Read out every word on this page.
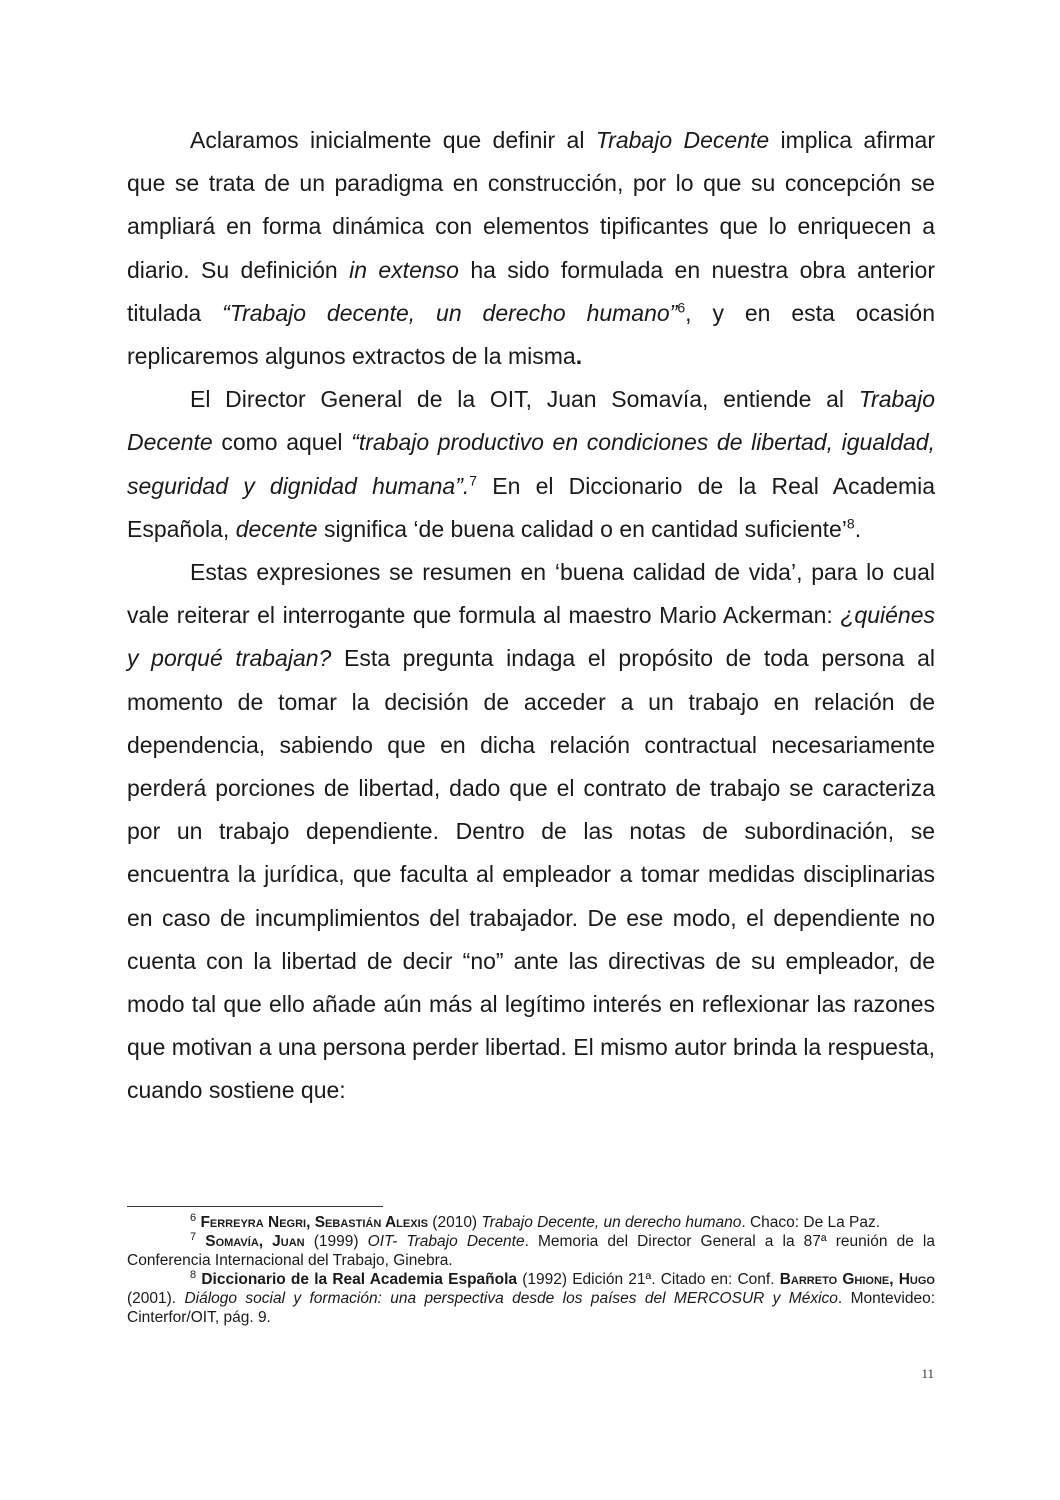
Aclaramos inicialmente que definir al Trabajo Decente implica afirmar que se trata de un paradigma en construcción, por lo que su concepción se ampliará en forma dinámica con elementos tipificantes que lo enriquecen a diario. Su definición in extenso ha sido formulada en nuestra obra anterior titulada “Trabajo decente, un derecho humano”$^6$, y en esta ocasión replicaremos algunos extractos de la misma.

El Director General de la OIT, Juan Somavía, entiende al Trabajo Decente como aquel “trabajo productivo en condiciones de libertad, igualdad, seguridad y dignidad humana”.$^7$ En el Diccionario de la Real Academia Española, decente significa ‘de buena calidad o en cantidad suficiente’$^8$.

Estas expresiones se resumen en ‘buena calidad de vida’, para lo cual vale reiterar el interrogante que formula al maestro Mario Ackerman: ¿quiénes y porqué trabajan? Esta pregunta indaga el propósito de toda persona al momento de tomar la decisión de acceder a un trabajo en relación de dependencia, sabiendo que en dicha relación contractual necesariamente perderá porciones de libertad, dado que el contrato de trabajo se caracteriza por un trabajo dependiente. Dentro de las notas de subordinación, se encuentra la jurídica, que faculta al empleador a tomar medidas disciplinarias en caso de incumplimientos del trabajador. De ese modo, el dependiente no cuenta con la libertad de decir “no” ante las directivas de su empleador, de modo tal que ello añade aún más al legítimo interés en reflexionar las razones que motivan a una persona perder libertad. El mismo autor brinda la respuesta, cuando sostiene que:

$^6$ Ferreyra Negri, Sebastián Alexis (2010) Trabajo Decente, un derecho humano. Chaco: De La Paz.

$^7$ Somavía, Juan (1999) OIT- Trabajo Decente. Memoria del Director General a la 87ª reunión de la Conferencia Internacional del Trabajo, Ginebra.

$^8$ Diccionario de la Real Academia Española (1992) Edición 21ª. Citado en: Conf. Barreto Ghione, Hugo (2001). Diálogo social y formación: una perspectiva desde los países del MERCOSUR y México. Montevideo: Cinterfor/OIT, pág. 9.

11
